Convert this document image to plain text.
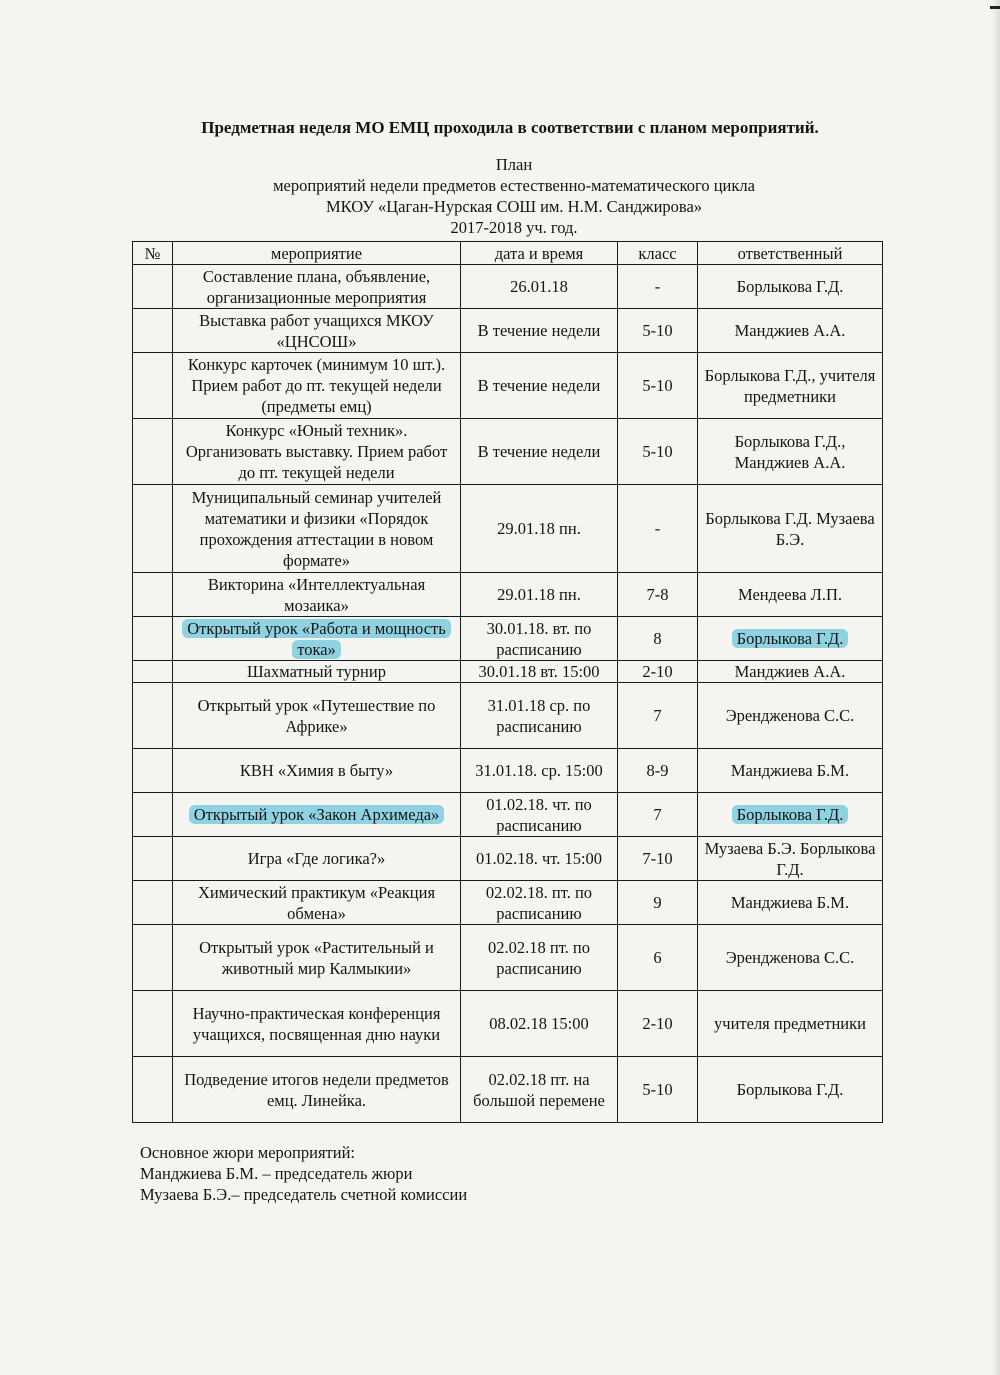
Предметная неделя МО ЕМЦ проходила в соответствии с планом мероприятий.
План
мероприятий недели предметов естественно-математического цикла
МКОУ «Цаган-Нурская СОШ им. Н.М. Санджирова»
2017-2018 уч. год.
№	мероприятие	дата и время	класс	ответственный
	Составление плана, объявление, организационные мероприятия	26.01.18	-	Борлыкова Г.Д.
	Выставка работ учащихся МКОУ «ЦНСОШ»	В течение недели	5-10	Манджиев А.А.
	Конкурс карточек (минимум 10 шт.). Прием работ до пт. текущей недели (предметы емц)	В течение недели	5-10	Борлыкова Г.Д., учителя предметники
	Конкурс «Юный техник». Организовать выставку. Прием работ до пт. текущей недели	В течение недели	5-10	Борлыкова Г.Д., Манджиев А.А.
	Муниципальный семинар учителей математики и физики «Порядок прохождения аттестации в новом формате»	29.01.18 пн.	-	Борлыкова Г.Д. Музаева Б.Э.
	Викторина «Интеллектуальная мозаика»	29.01.18 пн.	7-8	Мендеева Л.П.
	Открытый урок «Работа и мощность тока»	30.01.18. вт. по расписанию	8	Борлыкова Г.Д.
	Шахматный турнир	30.01.18 вт. 15:00	2-10	Манджиев А.А.
	Открытый урок «Путешествие по Африке»	31.01.18 ср. по расписанию	7	Эрендженова С.С.
	КВН «Химия в быту»	31.01.18. ср. 15:00	8-9	Манджиева Б.М.
	Открытый урок «Закон Архимеда»	01.02.18. чт. по расписанию	7	Борлыкова Г.Д.
	Игра «Где логика?»	01.02.18. чт. 15:00	7-10	Музаева Б.Э. Борлыкова Г.Д.
	Химический практикум «Реакция обмена»	02.02.18. пт. по расписанию	9	Манджиева Б.М.
	Открытый урок «Растительный и животный мир Калмыкии»	02.02.18 пт. по расписанию	6	Эрендженова С.С.
	Научно-практическая конференция учащихся, посвященная дню науки	08.02.18 15:00	2-10	учителя предметники
	Подведение итогов недели предметов емц. Линейка.	02.02.18 пт. на большой перемене	5-10	Борлыкова Г.Д.
Основное жюри мероприятий:
Манджиева Б.М. – председатель жюри
Музаева Б.Э.– председатель счетной комиссии
